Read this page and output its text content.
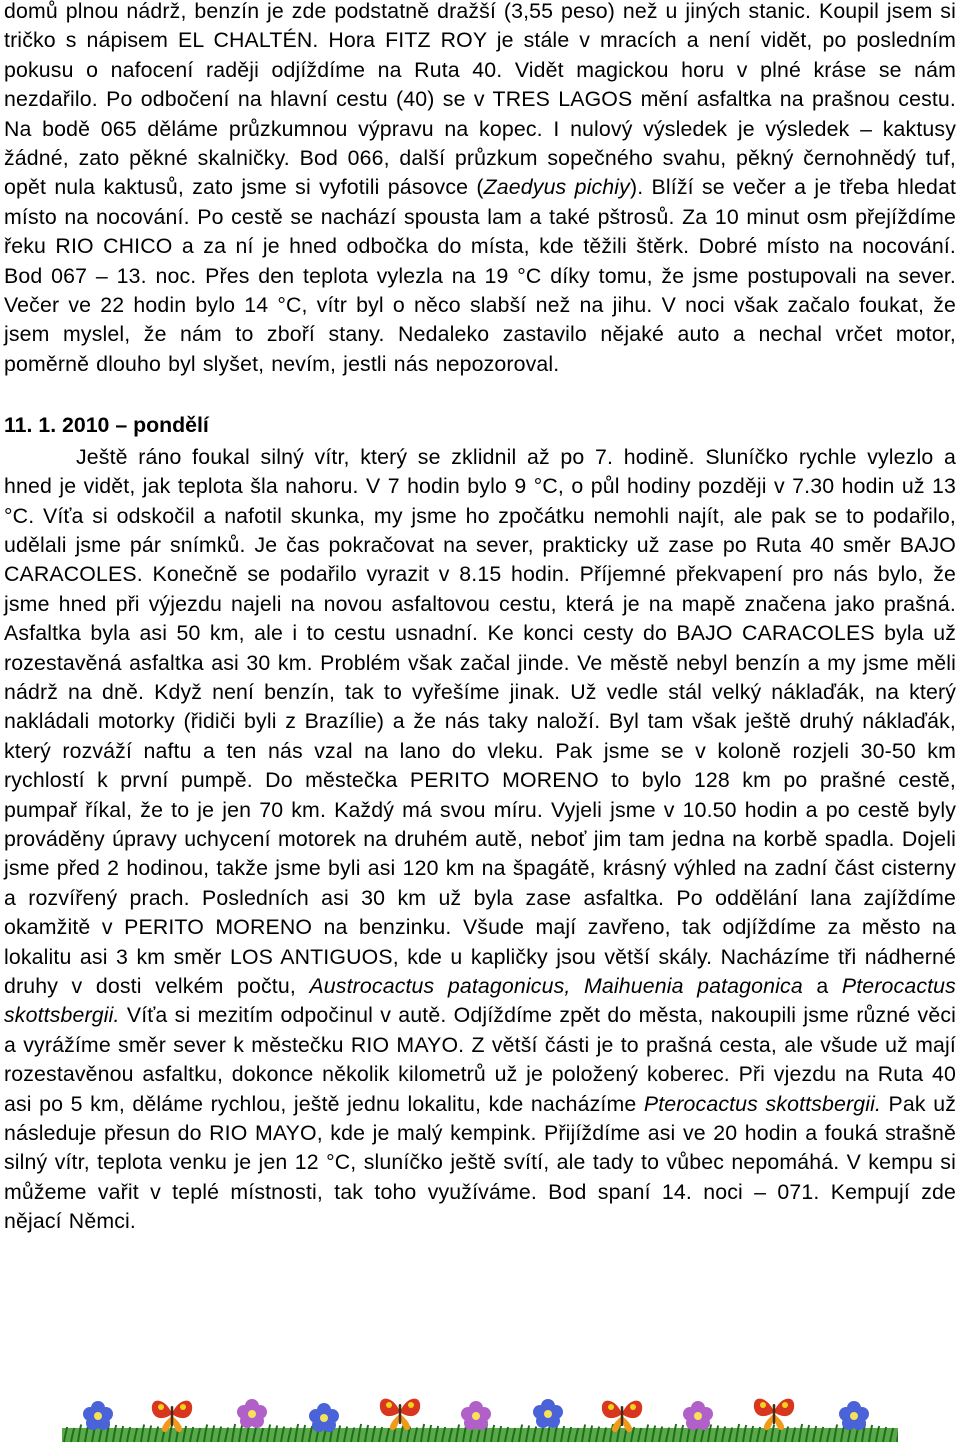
domů plnou nádrž, benzín je zde podstatně dražší (3,55 peso) než u jiných stanic. Koupil jsem si tričko s nápisem EL CHALTÉN. Hora FITZ ROY je stále v mracích a není vidět, po posledním pokusu o nafocení raději odjíždíme na Ruta 40. Vidět magickou horu v plné kráse se nám nezdařilo. Po odbočení na hlavní cestu (40) se v TRES LAGOS mění asfaltka na prašnou cestu. Na bodě 065 děláme průzkumnou výpravu na kopec. I nulový výsledek je výsledek – kaktusy žádné, zato pěkné skalničky. Bod 066, další průzkum sopečného svahu, pěkný černohnědý tuf, opět nula kaktusů, zato jsme si vyfotili pásovce (Zaedyus pichiy). Blíží se večer a je třeba hledat místo na nocování. Po cestě se nachází spousta lam a také pštrosů. Za 10 minut osm přejíždíme řeku RIO CHICO a za ní je hned odbočka do místa, kde těžili štěrk. Dobré místo na nocování. Bod 067 – 13. noc. Přes den teplota vylezla na 19 °C díky tomu, že jsme postupovali na sever. Večer ve 22 hodin bylo 14 °C, vítr byl o něco slabší než na jihu. V noci však začalo foukat, že jsem myslel, že nám to zboří stany. Nedaleko zastavilo nějaké auto a nechal vrčet motor, poměrně dlouho byl slyšet, nevím, jestli nás nepozoroval.

11. 1. 2010 – pondělí

Ještě ráno foukal silný vítr, který se zklidnil až po 7. hodině. Sluníčko rychle vylezlo a hned je vidět, jak teplota šla nahoru. V 7 hodin bylo 9 °C, o půl hodiny později v 7.30 hodin už 13 °C. Víťa si odskočil a nafotil skunka, my jsme ho zpočátku nemohli najít, ale pak se to podařilo, udělali jsme pár snímků. Je čas pokračovat na sever, prakticky už zase po Ruta 40 směr BAJO CARACOLES. Konečně se podařilo vyrazit v 8.15 hodin. Příjemné překvapení pro nás bylo, že jsme hned při výjezdu najeli na novou asfaltovou cestu, která je na mapě značena jako prašná. Asfaltka byla asi 50 km, ale i to cestu usnadní. Ke konci cesty do BAJO CARACOLES byla už rozestavěná asfaltka asi 30 km. Problém však začal jinde. Ve městě nebyl benzín a my jsme měli nádrž na dně. Když není benzín, tak to vyřešíme jinak. Už vedle stál velký náklaďák, na který nakládali motorky (řidiči byli z Brazílie) a že nás taky naloží. Byl tam však ještě druhý náklaďák, který rozváží naftu a ten nás vzal na lano do vleku. Pak jsme se v koloně rozjeli 30-50 km rychlostí k první pumpě. Do městečka PERITO MORENO to bylo 128 km po prašné cestě, pumpař říkal, že to je jen 70 km. Každý má svou míru. Vyjeli jsme v 10.50 hodin a po cestě byly prováděny úpravy uchycení motorek na druhém autě, neboť jim tam jedna na korbě spadla. Dojeli jsme před 2 hodinou, takže jsme byli asi 120 km na špagátě, krásný výhled na zadní část cisterny a rozvířený prach. Posledních asi 30 km už byla zase asfaltka. Po oddělání lana zajíždíme okamžitě v PERITO MORENO na benzinku. Všude mají zavřeno, tak odjíždíme za město na lokalitu asi 3 km směr LOS ANTIGUOS, kde u kapličky jsou větší skály. Nacházíme tři nádherné druhy v dosti velkém počtu, Austrocactus patagonicus, Maihuenia patagonica a Pterocactus skottsbergii. Víťa si mezitím odpočinul v autě. Odjíždíme zpět do města, nakoupili jsme různé věci a vyrážíme směr sever k městečku RIO MAYO. Z větší části je to prašná cesta, ale všude už mají rozestavěnou asfaltku, dokonce několik kilometrů už je položený koberec. Při vjezdu na Ruta 40 asi po 5 km, děláme rychlou, ještě jednu lokalitu, kde nacházíme Pterocactus skottsbergii. Pak už následuje přesun do RIO MAYO, kde je malý kempink. Přijíždíme asi ve 20 hodin a fouká strašně silný vítr, teplota venku je jen 12 °C, sluníčko ještě svítí, ale tady to vůbec nepomáhá. V kempu si můžeme vařit v teplé místnosti, tak toho využíváme. Bod spaní 14. noci – 071. Kempují zde nějací Němci.
